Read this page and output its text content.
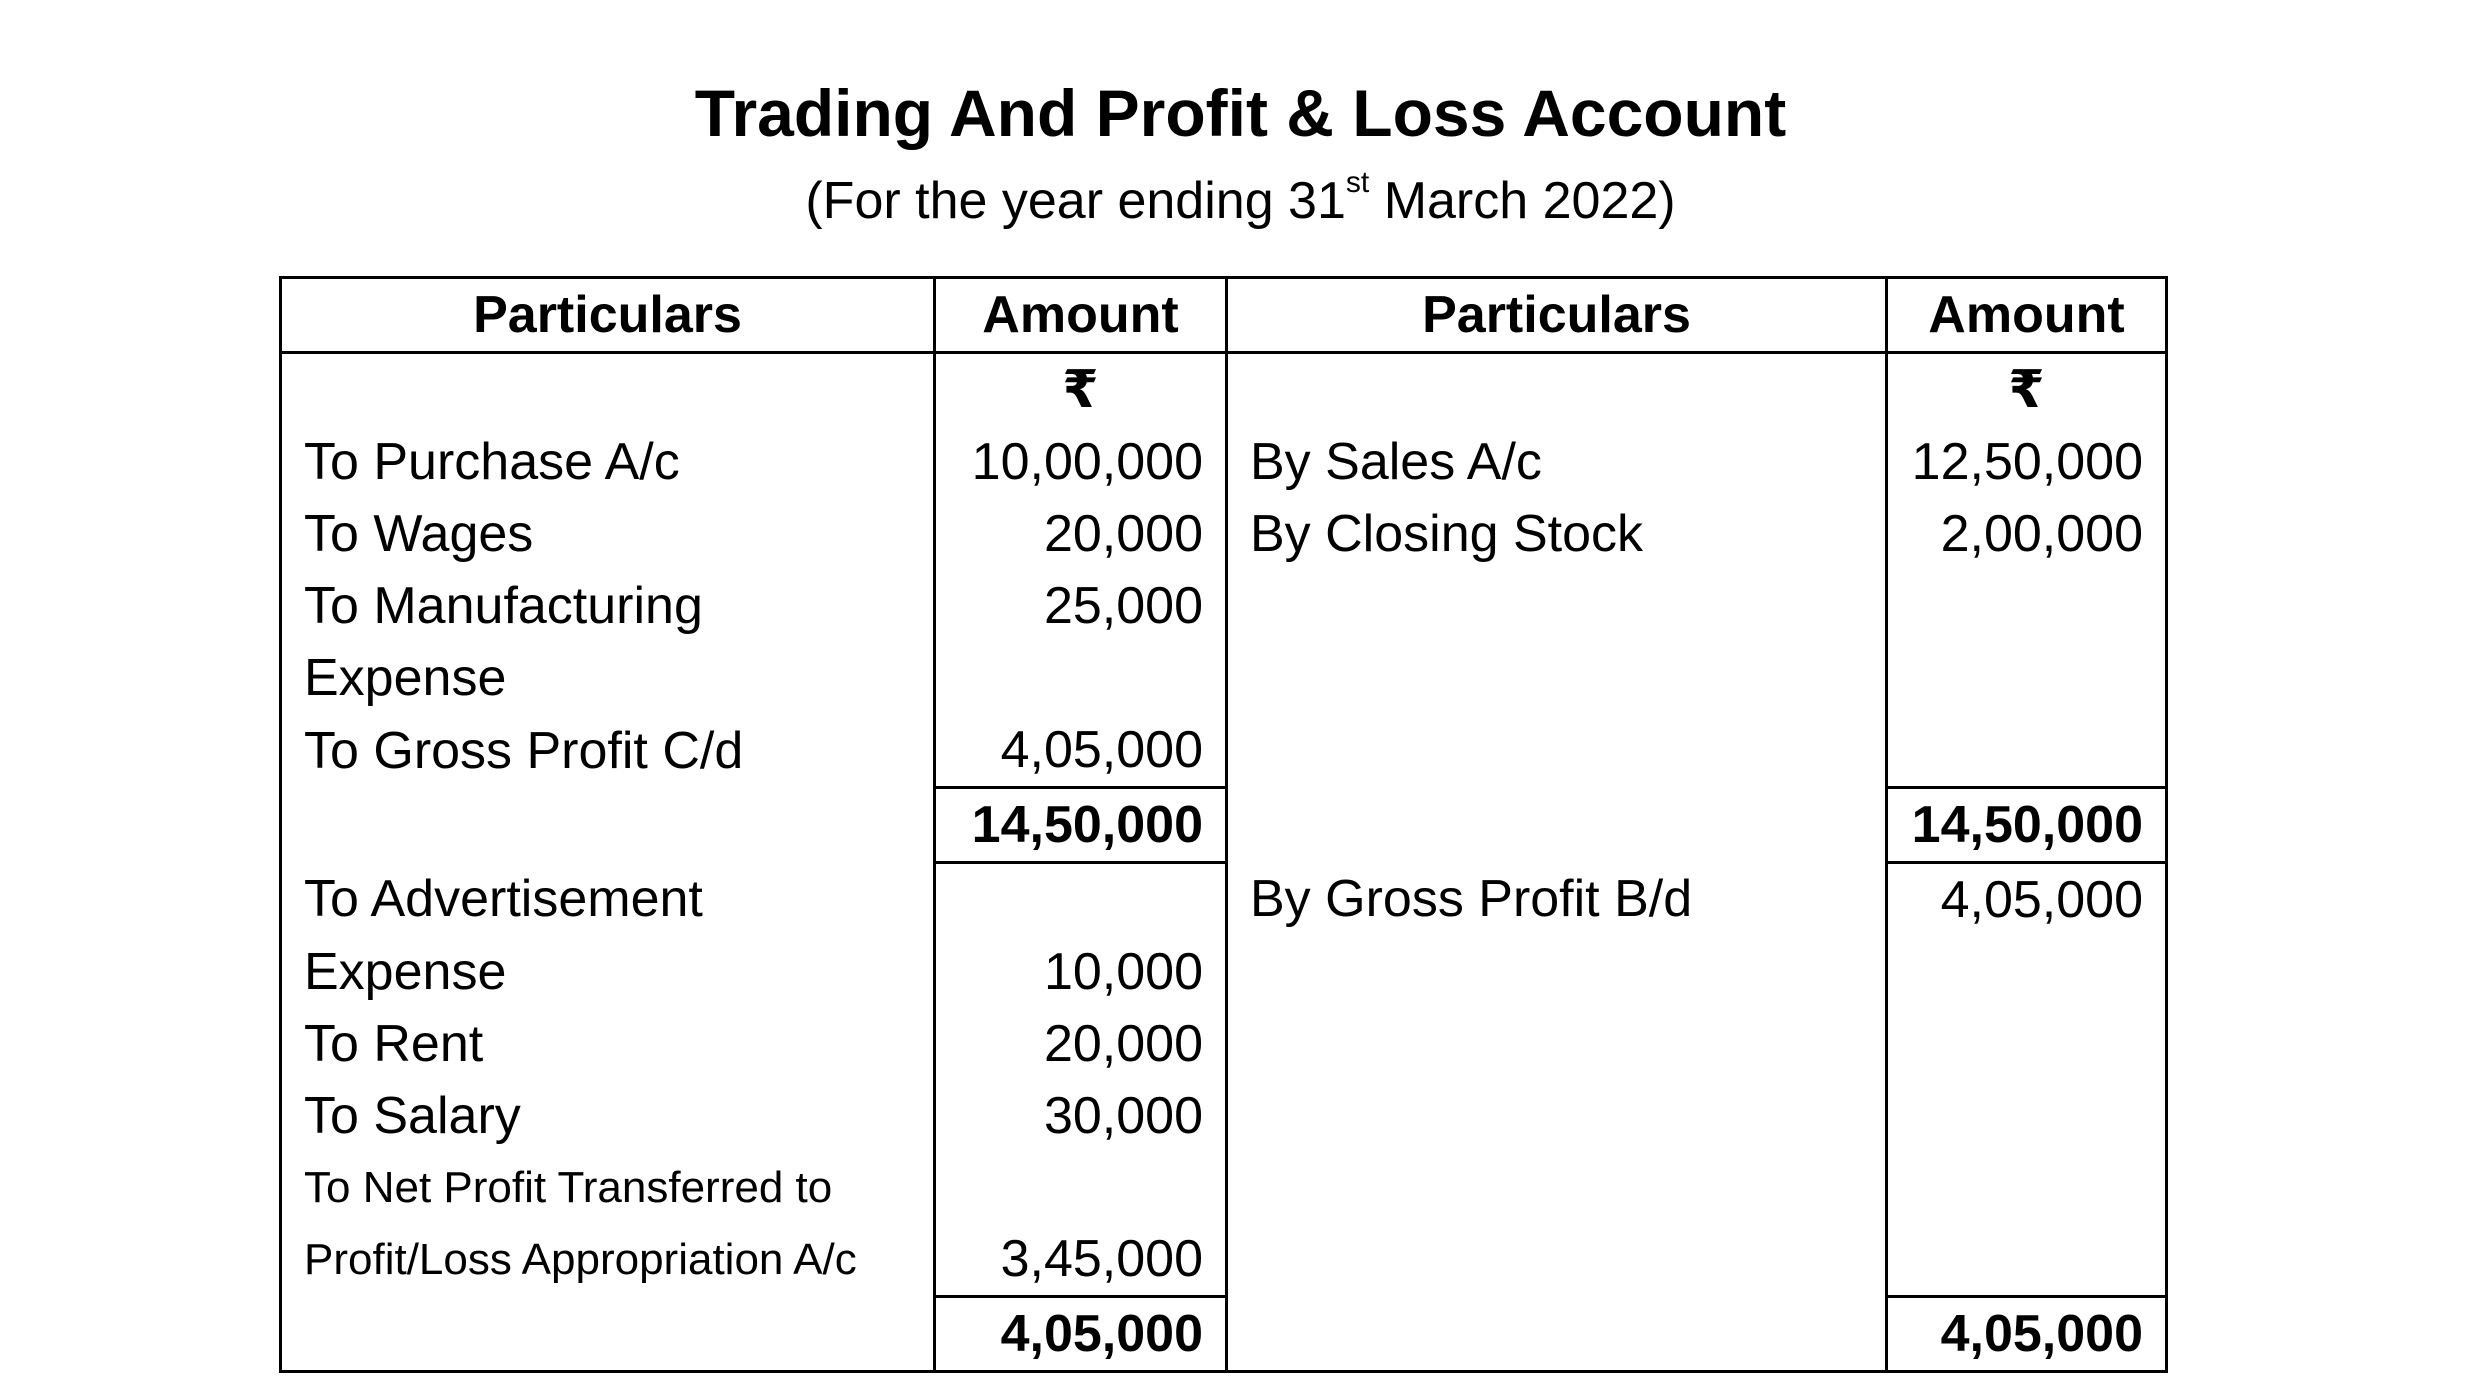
Trading And Profit & Loss Account
(For the year ending 31st March 2022)
Particulars	Amount	Particulars	Amount
	₹		₹
To Purchase A/c	10,00,000	By Sales A/c	12,50,000
To Wages	20,000	By Closing Stock	2,00,000
To Manufacturing	25,000		
Expense			
To Gross Profit C/d	4,05,000		
	14,50,000		14,50,000
To Advertisement		By Gross Profit B/d	4,05,000
Expense	10,000		
To Rent	20,000		
To Salary	30,000		
To Net Profit Transferred to
Profit/Loss Appropriation A/c	3,45,000		
	4,05,000		4,05,000
